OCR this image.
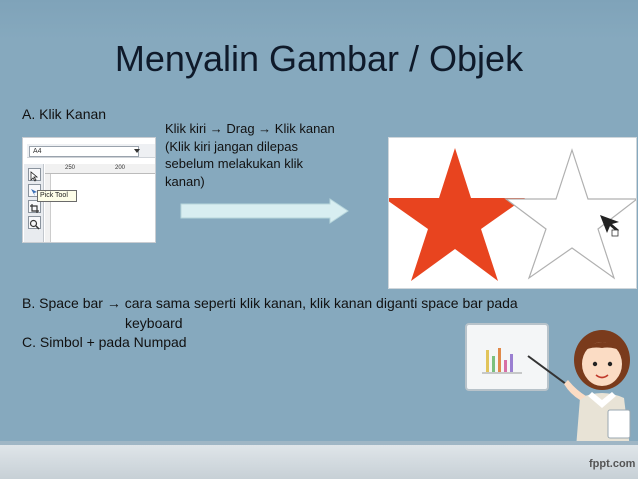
Menyalin Gambar / Objek
A. Klik Kanan
Klik kiri → Drag → Klik kanan
(Klik kiri jangan dilepas
sebelum melakukan klik
kanan)
A4
250	200
Pick Tool
B. Space bar → cara sama seperti klik kanan, klik kanan diganti space bar pada
keyboard
C. Simbol + pada Numpad
fppt.com
